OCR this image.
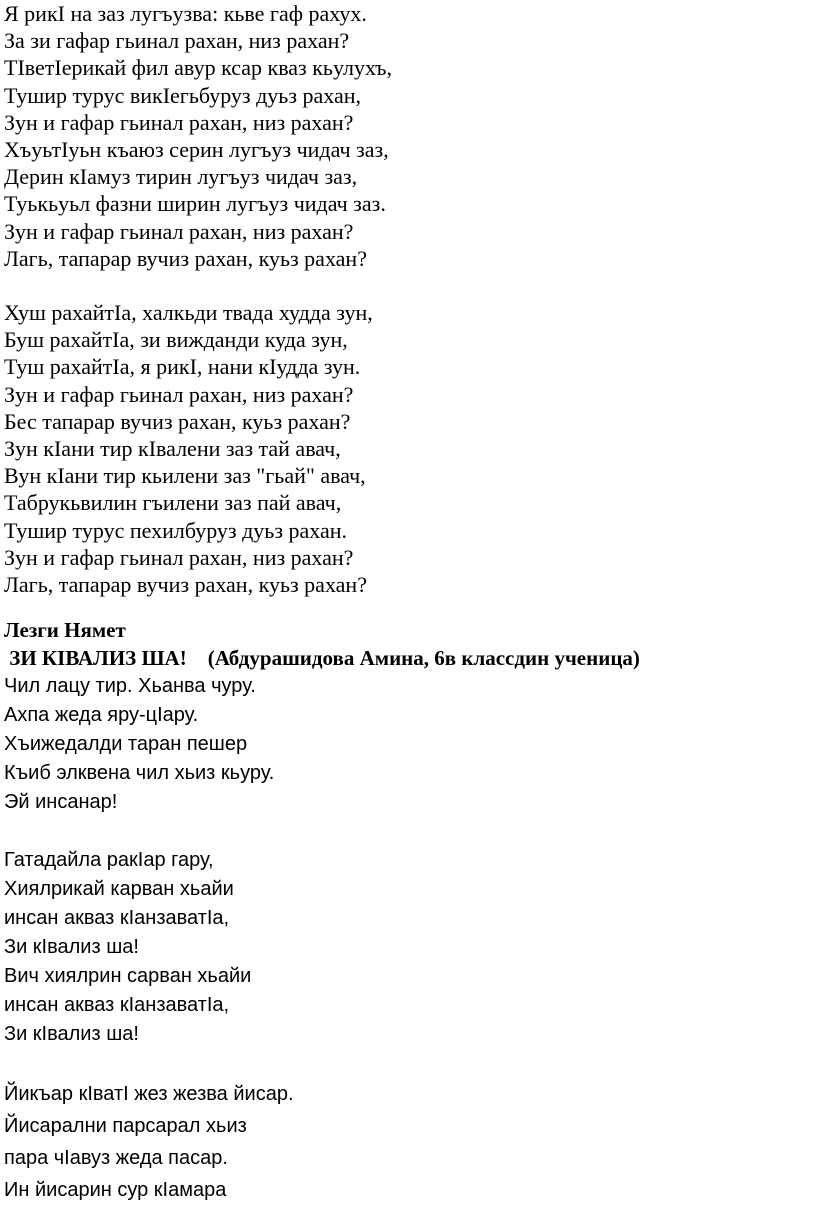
Я рикI на заз лугъузва: кьве гаф рахух.
За зи гафар гьинал рахан, низ рахан?
ТIветIерикай фил авур ксар кваз кьулухъ,
Тушир турус викIегьбуруз дуьз рахан,
Зун и гафар гьинал рахан, низ рахан?
ХъуьтIуьн къаюз серин лугъуз чидач заз,
Дерин кIамуз тирин лугъуз чидач заз,
Туькьуьл фазни ширин лугъуз чидач заз.
Зун и гафар гьинал рахан, низ рахан?
Лагь, тапарар вучиз рахан, куьз рахан?
Хуш рахайтIа, халкьди твада худда зун,
Буш рахайтIа, зи вижданди куда зун,
Туш рахайтIа, я рикI, нани кIудда зун.
Зун и гафар гьинал рахан, низ рахан?
Бес тапарар вучиз рахан, куьз рахан?
Зун кIани тир кIвалени заз тай авач,
Вун кIани тир кьилени заз "гьай" авач,
Табрукьвилин гъилени заз пай авач,
Тушир турус пехилбуруз дуьз рахан.
Зун и гафар гьинал рахан, низ рахан?
Лагь, тапарар вучиз рахан, куьз рахан?
Лезги Нямет
ЗИ КIВАЛИЗ ША!    (Абдурашидова Амина, 6в классдин ученица)
Чил лацу тир. Хьанва чуру.
Ахпа жеда яру-цIару.
Хъижедалди таран пешер
Къиб элквена чил хьиз кьуру.
Эй инсанар!
Гатадайла ракIар гару,
Хиялрикай карван хьайи
инсан акваз кIанзаватIа,
Зи кIвализ ша!
Вич хиялрин сарван хьайи
инсан акваз кIанзаватIа,
Зи кIвализ ша!
Йикъар кIватI жез жезва йисар.
Йисарални парсарал хьиз
пара чIавуз жеда пасар.
Ин йисарин сур кIамара
